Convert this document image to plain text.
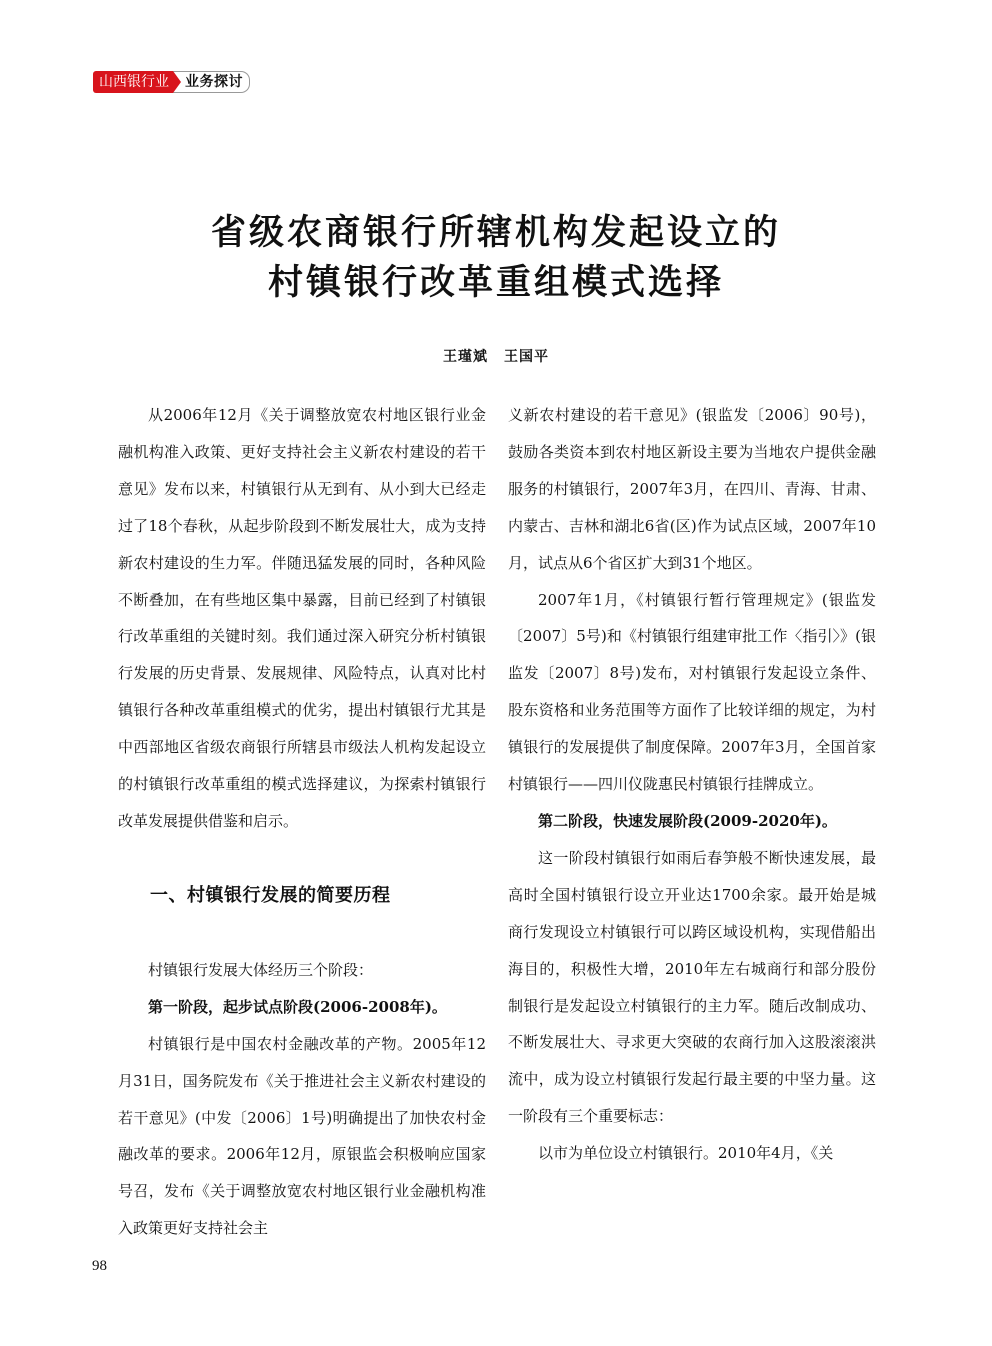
山西银行业	业务探讨
省级农商银行所辖机构发起设立的
村镇银行改革重组模式选择
王瑾斌 王国平

从2006年12月《关于调整放宽农村地区银行业金融机构准入政策、更好支持社会主义新农村建设的若干意见》发布以来，村镇银行从无到有、从小到大已经走过了18个春秋，从起步阶段到不断发展壮大，成为支持新农村建设的生力军。伴随迅猛发展的同时，各种风险不断叠加，在有些地区集中暴露，目前已经到了村镇银行改革重组的关键时刻。我们通过深入研究分析村镇银行发展的历史背景、发展规律、风险特点，认真对比村镇银行各种改革重组模式的优劣，提出村镇银行尤其是中西部地区省级农商银行所辖县市级法人机构发起设立的村镇银行改革重组的模式选择建议，为探索村镇银行改革发展提供借鉴和启示。

一、村镇银行发展的简要历程

村镇银行发展大体经历三个阶段：

第一阶段，起步试点阶段(2006-2008年)。

村镇银行是中国农村金融改革的产物。2005年12月31日，国务院发布《关于推进社会主义新农村建设的若干意见》(中发〔2006〕1号)明确提出了加快农村金融改革的要求。2006年12月，原银监会积极响应国家号召，发布《关于调整放宽农村地区银行业金融机构准入政策更好支持社会主

义新农村建设的若干意见》(银监发〔2006〕90号)，鼓励各类资本到农村地区新设主要为当地农户提供金融服务的村镇银行，2007年3月，在四川、青海、甘肃、内蒙古、吉林和湖北6省(区)作为试点区域，2007年10月，试点从6个省区扩大到31个地区。

2007年1月，《村镇银行暂行管理规定》(银监发〔2007〕5号)和《村镇银行组建审批工作〈指引〉》(银监发〔2007〕8号)发布，对村镇银行发起设立条件、股东资格和业务范围等方面作了比较详细的规定，为村镇银行的发展提供了制度保障。2007年3月，全国首家村镇银行——四川仪陇惠民村镇银行挂牌成立。

第二阶段，快速发展阶段(2009-2020年)。

这一阶段村镇银行如雨后春笋般不断快速发展，最高时全国村镇银行设立开业达1700余家。最开始是城商行发现设立村镇银行可以跨区域设机构，实现借船出海目的，积极性大增，2010年左右城商行和部分股份制银行是发起设立村镇银行的主力军。随后改制成功、不断发展壮大、寻求更大突破的农商行加入这股滚滚洪流中，成为设立村镇银行发起行最主要的中坚力量。这一阶段有三个重要标志：

以市为单位设立村镇银行。2010年4月，《关

98
